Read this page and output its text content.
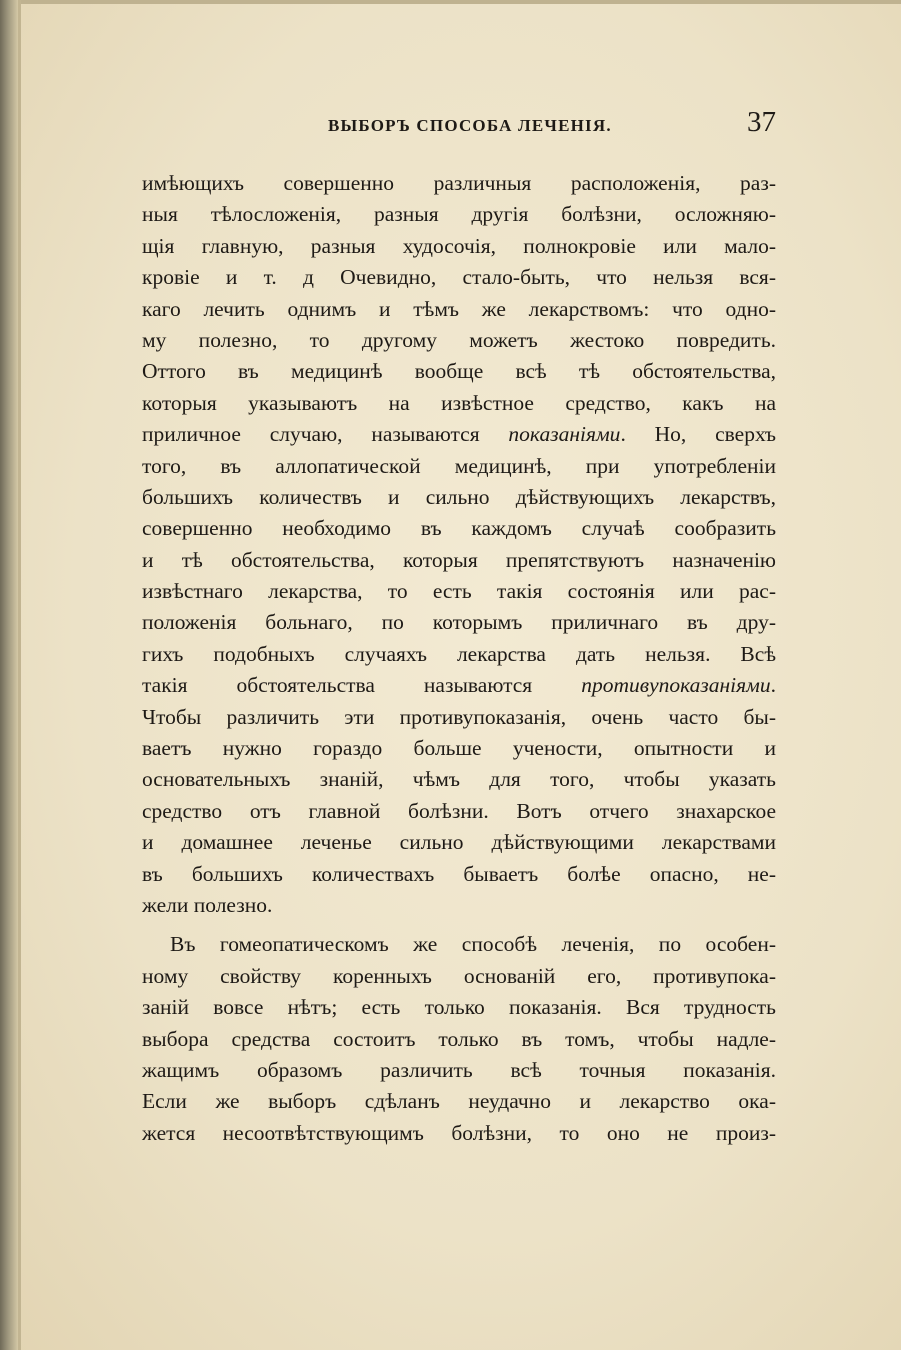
ВЫБОРЪ СПОСОБА ЛЕЧЕНІЯ.	37
имѣющихъ совершенно различныя расположенія, раз-
ныя тѣлосложенія, разныя другія болѣзни, осложняю-
щія главную, разныя худосочія, полнокровіе или мало-
кровіе и т. д Очевидно, стало-быть, что нельзя вся-
каго лечить однимъ и тѣмъ же лекарствомъ: что одно-
му полезно, то другому можетъ жестоко повредить.
Оттого въ медицинѣ вообще всѣ тѣ обстоятельства,
которыя указываютъ на извѣстное средство, какъ на
приличное случаю, называются показаніями. Но, сверхъ
того, въ аллопатической медицинѣ, при употребленіи
большихъ количествъ и сильно дѣйствующихъ лекарствъ,
совершенно необходимо въ каждомъ случаѣ сообразить
и тѣ обстоятельства, которыя препятствуютъ назначенію
извѣстнаго лекарства, то есть такія состоянія или рас-
положенія больнаго, по которымъ приличнаго въ дру-
гихъ подобныхъ случаяхъ лекарства дать нельзя. Всѣ
такія обстоятельства называются противупоказаніями.
Чтобы различить эти противупоказанія, очень часто бы-
ваетъ нужно гораздо больше учености, опытности и
основательныхъ знаній, чѣмъ для того, чтобы указать
средство отъ главной болѣзни. Вотъ отчего знахарское
и домашнее леченье сильно дѣйствующими лекарствами
въ большихъ количествахъ бываетъ болѣе опасно, не-
жели полезно.
Въ гомеопатическомъ же способѣ леченія, по особен-
ному свойству коренныхъ основаній его, противупока-
заній вовсе нѣтъ; есть только показанія. Вся трудность
выбора средства состоитъ только въ томъ, чтобы надле-
жащимъ образомъ различить всѣ точныя показанія.
Если же выборъ сдѣланъ неудачно и лекарство ока-
жется несоотвѣтствующимъ болѣзни, то оно не произ-
